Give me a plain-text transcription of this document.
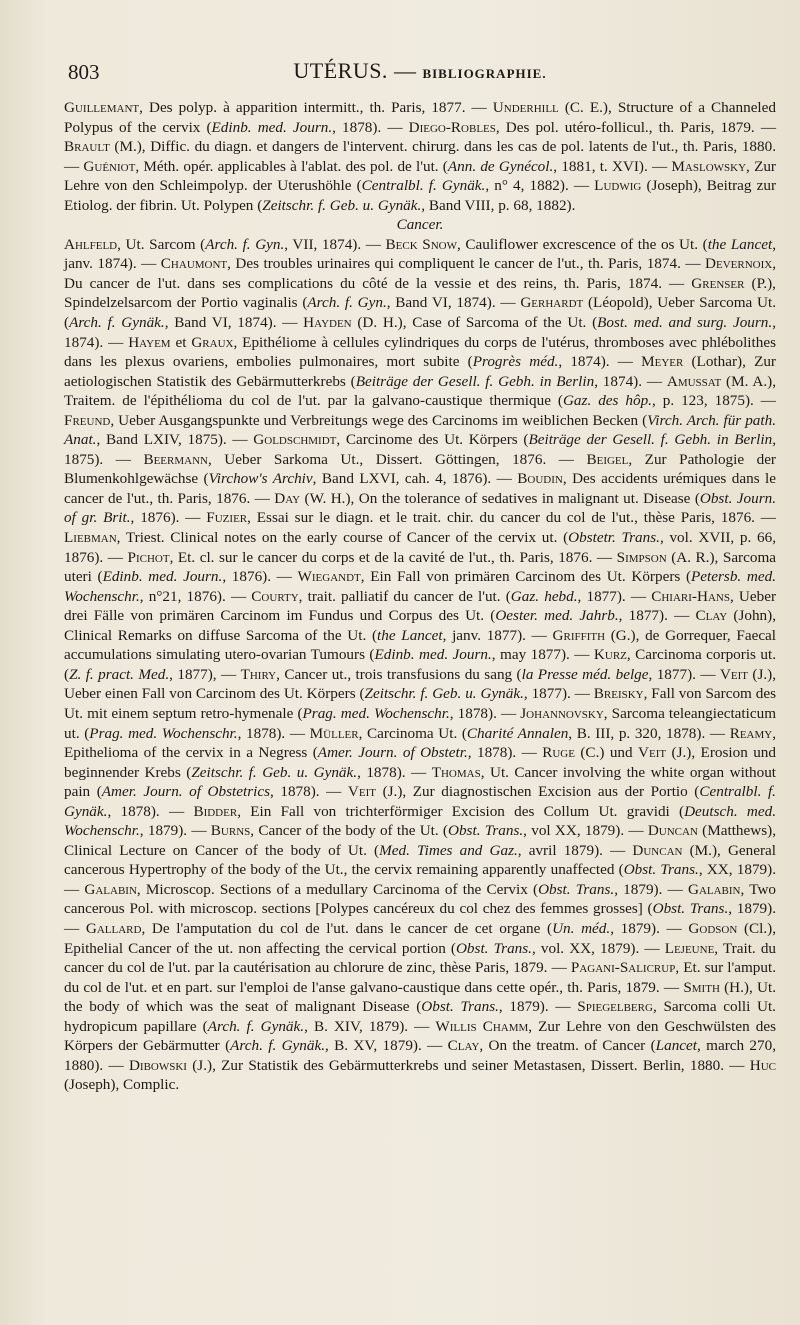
803	UTÉRUS. — BIBLIOGRAPHIE.

Guillemant, Des polyp. à apparition intermitt., th. Paris, 1877. — Underhill (C. E.), Structure of a Channeled Polypus of the cervix (Edinb. med. Journ., 1878). — Diego-Robles, Des pol. utéro-follicul., th. Paris, 1879. — Brault (M.), Diffic. du diagn. et dangers de l'intervent. chirurg. dans les cas de pol. latents de l'ut., th. Paris, 1880. — Guéniot, Méth. opér. applicables à l'ablat. des pol. de l'ut. (Ann. de Gynécol., 1881, t. XVI). — Maslowsky, Zur Lehre von den Schleimpolyp. der Uterushöhle (Centralbl. f. Gynäk., n° 4, 1882). — Ludwig (Joseph), Beitrag zur Etiolog. der fibrin. Ut. Polypen (Zeitschr. f. Geb. u. Gynäk., Band VIII, p. 68, 1882).

Cancer.

Ahlfeld, Ut. Sarcom (Arch. f. Gyn., VII, 1874). — Beck Snow, Cauliflower excrescence of the os Ut. (the Lancet, janv. 1874). — Chaumont, Des troubles urinaires qui compliquent le cancer de l'ut., th. Paris, 1874. — Devernoix, Du cancer de l'ut. dans ses complications du côté de la vessie et des reins, th. Paris, 1874. — Grenser (P.), Spindelzelsarcom der Portio vaginalis (Arch. f. Gyn., Band VI, 1874). — Gerhardt (Léopold), Ueber Sarcoma Ut. (Arch. f. Gynäk., Band VI, 1874). — Hayden (D. H.), Case of Sarcoma of the Ut. (Bost. med. and surg. Journ., 1874). — Hayem et Graux, Epithéliome à cellules cylindriques du corps de l'utérus, thromboses avec phlébolithes dans les plexus ovariens, embolies pulmonaires, mort subite (Progrès méd., 1874). — Meyer (Lothar), Zur aetiologischen Statistik des Gebärmutterkrebs (Beiträge der Gesell. f. Gebh. in Berlin, 1874). — Amussat (M. A.), Traitem. de l'épithélioma du col de l'ut. par la galvano-caustique thermique (Gaz. des hôp., p. 123, 1875). — Freund, Ueber Ausgangspunkte und Verbreitungs wege des Carcinoms im weiblichen Becken (Virch. Arch. für path. Anat., Band LXIV, 1875). — Goldschmidt, Carcinome des Ut. Körpers (Beiträge der Gesell. f. Gebh. in Berlin, 1875). — Beermann, Ueber Sarkoma Ut., Dissert. Göttingen, 1876. — Beigel, Zur Pathologie der Blumenkohlgewächse (Virchow's Archiv, Band LXVI, cah. 4, 1876). — Boudin, Des accidents urémiques dans le cancer de l'ut., th. Paris, 1876. — Day (W. H.), On the tolerance of sedatives in malignant ut. Disease (Obst. Journ. of gr. Brit., 1876). — Fuzier, Essai sur le diagn. et le trait. chir. du cancer du col de l'ut., thèse Paris, 1876. — Liebman, Triest. Clinical notes on the early course of Cancer of the cervix ut. (Obstetr. Trans., vol. XVII, p. 66, 1876). — Pichot, Et. cl. sur le cancer du corps et de la cavité de l'ut., th. Paris, 1876. — Simpson (A. R.), Sarcoma uteri (Edinb. med. Journ., 1876). — Wiegandt, Ein Fall von primären Carcinom des Ut. Körpers (Petersb. med. Wochenschr., n°21, 1876). — Courty, trait. palliatif du cancer de l'ut. (Gaz. hebd., 1877). — Chiari-Hans, Ueber drei Fälle von primären Carcinom im Fundus und Corpus des Ut. (Oester. med. Jahrb., 1877). — Clay (John), Clinical Remarks on diffuse Sarcoma of the Ut. (the Lancet, janv. 1877). — Griffith (G.), de Gorrequer, Faecal accumulations simulating utero-ovarian Tumours (Edinb. med. Journ., may 1877). — Kurz, Carcinoma corporis ut. (Z. f. pract. Med., 1877), — Thiry, Cancer ut., trois transfusions du sang (la Presse méd. belge, 1877). — Veit (J.), Ueber einen Fall von Carcinom des Ut. Körpers (Zeitschr. f. Geb. u. Gynäk., 1877). — Breisky, Fall von Sarcom des Ut. mit einem septum retro-hymenale (Prag. med. Wochenschr., 1878). — Johannovsky, Sarcoma teleangiectaticum ut. (Prag. med. Wochenschr., 1878). — Müller, Carcinoma Ut. (Charité Annalen, B. III, p. 320, 1878). — Reamy, Epithelioma of the cervix in a Negress (Amer. Journ. of Obstetr., 1878). — Ruge (C.) und Veit (J.), Erosion und beginnender Krebs (Zeitschr. f. Geb. u. Gynäk., 1878). — Thomas, Ut. Cancer involving the white organ without pain (Amer. Journ. of Obstetrics, 1878). — Veit (J.), Zur diagnostischen Excision aus der Portio (Centralbl. f. Gynäk., 1878). — Bidder, Ein Fall von trichterförmiger Excision des Collum Ut. gravidi (Deutsch. med. Wochenschr., 1879). — Burns, Cancer of the body of the Ut. (Obst. Trans., vol XX, 1879). — Duncan (Matthews), Clinical Lecture on Cancer of the body of Ut. (Med. Times and Gaz., avril 1879). — Duncan (M.), General cancerous Hypertrophy of the body of the Ut., the cervix remaining apparently unaffected (Obst. Trans., XX, 1879). — Galabin, Microscop. Sections of a medullary Carcinoma of the Cervix (Obst. Trans., 1879). — Galabin, Two cancerous Pol. with microscop. sections [Polypes cancéreux du col chez des femmes grosses] (Obst. Trans., 1879). — Gallard, De l'amputation du col de l'ut. dans le cancer de cet organe (Un. méd., 1879). — Godson (Cl.), Epithelial Cancer of the ut. non affecting the cervical portion (Obst. Trans., vol. XX, 1879). — Lejeune, Trait. du cancer du col de l'ut. par la cautérisation au chlorure de zinc, thèse Paris, 1879. — Pagani-Salicrup, Et. sur l'amput. du col de l'ut. et en part. sur l'emploi de l'anse galvano-caustique dans cette opér., th. Paris, 1879. — Smith (H.), Ut. the body of which was the seat of malignant Disease (Obst. Trans., 1879). — Spiegelberg, Sarcoma colli Ut. hydropicum papillare (Arch. f. Gynäk., B. XIV, 1879). — Willis Chamm, Zur Lehre von den Geschwülsten des Körpers der Gebärmutter (Arch. f. Gynäk., B. XV, 1879). — Clay, On the treatm. of Cancer (Lancet, march 270, 1880). — Dibowski (J.), Zur Statistik des Gebärmutterkrebs und seiner Metastasen, Dissert. Berlin, 1880. — Huc (Joseph), Complic.
